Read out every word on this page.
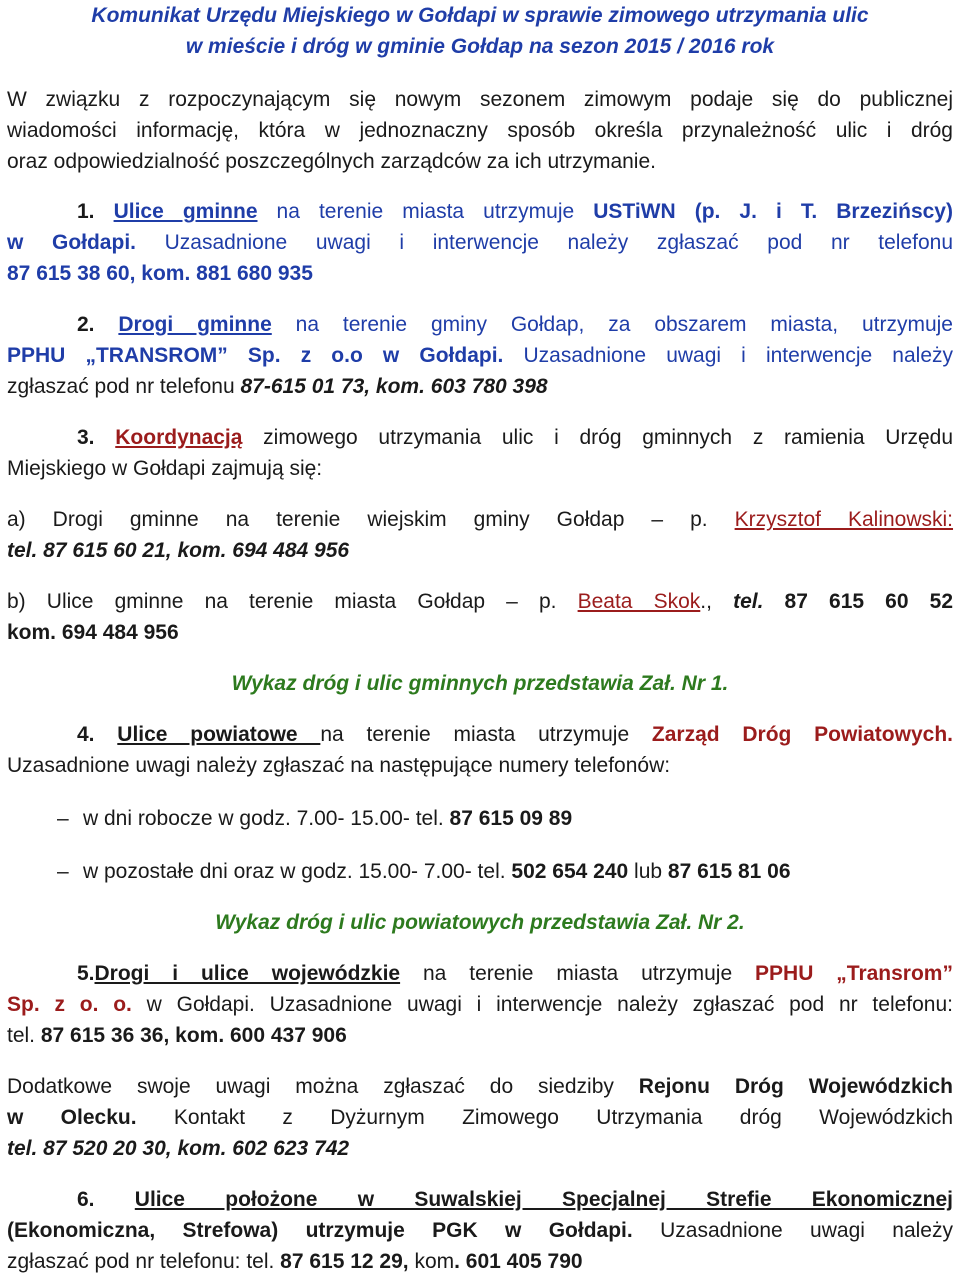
Komunikat Urzędu Miejskiego w Gołdapi w sprawie zimowego utrzymania ulic
w mieście i dróg w gminie Gołdap na sezon 2015 / 2016 rok

W związku z rozpoczynającym się nowym sezonem zimowym podaje się do publicznej
wiadomości informację, która w jednoznaczny sposób określa przynależność ulic i dróg

oraz odpowiedzialność poszczególnych zarządców za ich utrzymanie.

1. Ulice gminne na terenie miasta utrzymuje USTiWN (p. J. i T. Brzezińscy)

w Gołdapi. Uzasadnione uwagi i interwencje należy zgłaszać pod nr telefonu

87 615 38 60, kom. 881 680 935

2. Drogi gminne na terenie gminy Gołdap, za obszarem miasta, utrzymuje

PPHU „TRANSROM” Sp. z o.o w Gołdapi. Uzasadnione uwagi i interwencje należy

zgłaszać pod nr telefonu 87-615 01 73, kom. 603 780 398

3. Koordynacją zimowego utrzymania ulic i dróg gminnych z ramienia Urzędu

Miejskiego w Gołdapi zajmują się:

a) Drogi gminne na terenie wiejskim gminy Gołdap – p. Krzysztof Kalinowski:

tel. 87 615 60 21, kom. 694 484 956

b) Ulice gminne na terenie miasta Gołdap – p. Beata Skok., tel. 87 615 60 52

kom. 694 484 956

Wykaz dróg i ulic gminnych przedstawia Zał. Nr 1.

4. Ulice powiatowe na terenie miasta utrzymuje Zarząd Dróg Powiatowych.

Uzasadnione uwagi należy zgłaszać na następujące numery telefonów:

– w dni robocze w godz. 7.00- 15.00- tel. 87 615 09 89
– w pozostałe dni oraz w godz. 15.00- 7.00- tel. 502 654 240 lub 87 615 81 06

Wykaz dróg i ulic powiatowych przedstawia Zał. Nr 2.

5.Drogi i ulice wojewódzkie na terenie miasta utrzymuje PPHU „Transrom”

Sp. z o. o. w Gołdapi. Uzasadnione uwagi i interwencje należy zgłaszać pod nr telefonu:

tel. 87 615 36 36, kom. 600 437 906

Dodatkowe swoje uwagi można zgłaszać do siedziby Rejonu Dróg Wojewódzkich

w Olecku. Kontakt z Dyżurnym Zimowego Utrzymania dróg Wojewódzkich

tel. 87 520 20 30, kom. 602 623 742

6. Ulice położone w Suwalskiej Specjalnej Strefie Ekonomicznej

(Ekonomiczna, Strefowa) utrzymuje PGK w Gołdapi. Uzasadnione uwagi należy

zgłaszać pod nr telefonu: tel. 87 615 12 29, kom. 601 405 790
